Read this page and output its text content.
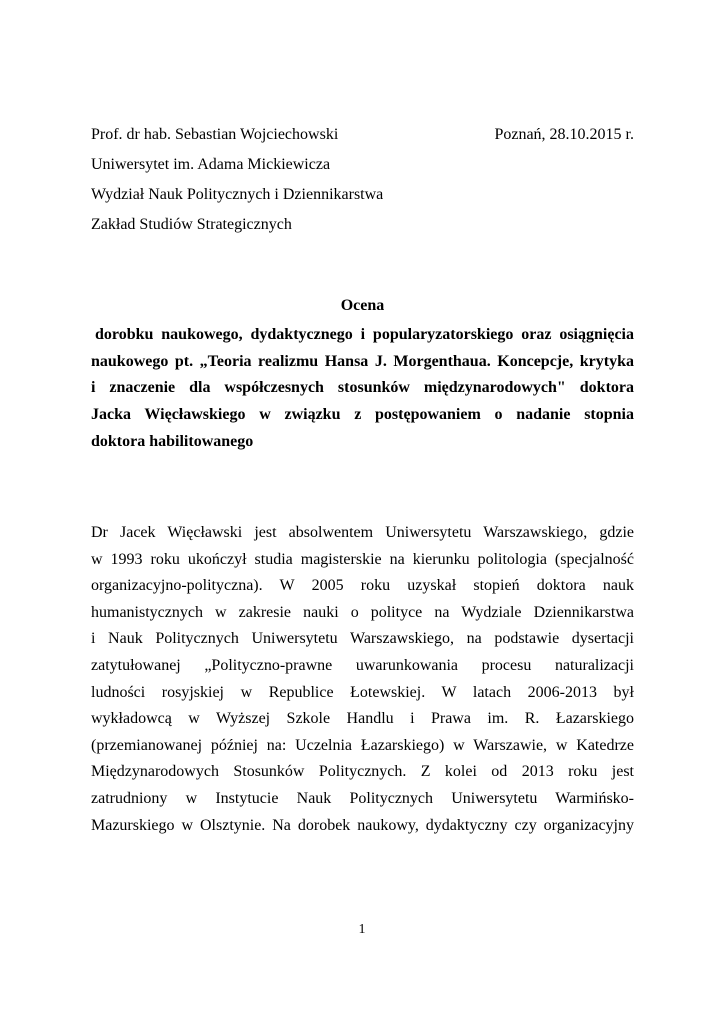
Prof. dr hab. Sebastian Wojciechowski	Poznań, 28.10.2015 r.
Uniwersytet im. Adama Mickiewicza
Wydział Nauk Politycznych i Dziennikarstwa
Zakład Studiów Strategicznych
Ocena
dorobku naukowego, dydaktycznego i popularyzatorskiego oraz osiągnięcia
naukowego pt. „Teoria realizmu Hansa J. Morgenthaua. Koncepcje, krytyka
i znaczenie dla współczesnych stosunków międzynarodowych" doktora
Jacka Więcławskiego w związku z postępowaniem o nadanie stopnia
doktora habilitowanego
Dr Jacek Więcławski jest absolwentem Uniwersytetu Warszawskiego, gdzie
w 1993 roku ukończył studia magisterskie na kierunku politologia (specjalność
organizacyjno-polityczna). W 2005 roku uzyskał stopień doktora nauk
humanistycznych w zakresie nauki o polityce na Wydziale Dziennikarstwa
i Nauk Politycznych Uniwersytetu Warszawskiego, na podstawie dysertacji
zatytułowanej „Polityczno-prawne uwarunkowania procesu naturalizacji
ludności rosyjskiej w Republice Łotewskiej. W latach 2006-2013 był
wykładowcą w Wyższej Szkole Handlu i Prawa im. R. Łazarskiego
(przemianowanej później na: Uczelnia Łazarskiego) w Warszawie, w Katedrze
Międzynarodowych Stosunków Politycznych. Z kolei od 2013 roku jest
zatrudniony w Instytucie Nauk Politycznych Uniwersytetu Warmińsko-
Mazurskiego w Olsztynie. Na dorobek naukowy, dydaktyczny czy organizacyjny
1
